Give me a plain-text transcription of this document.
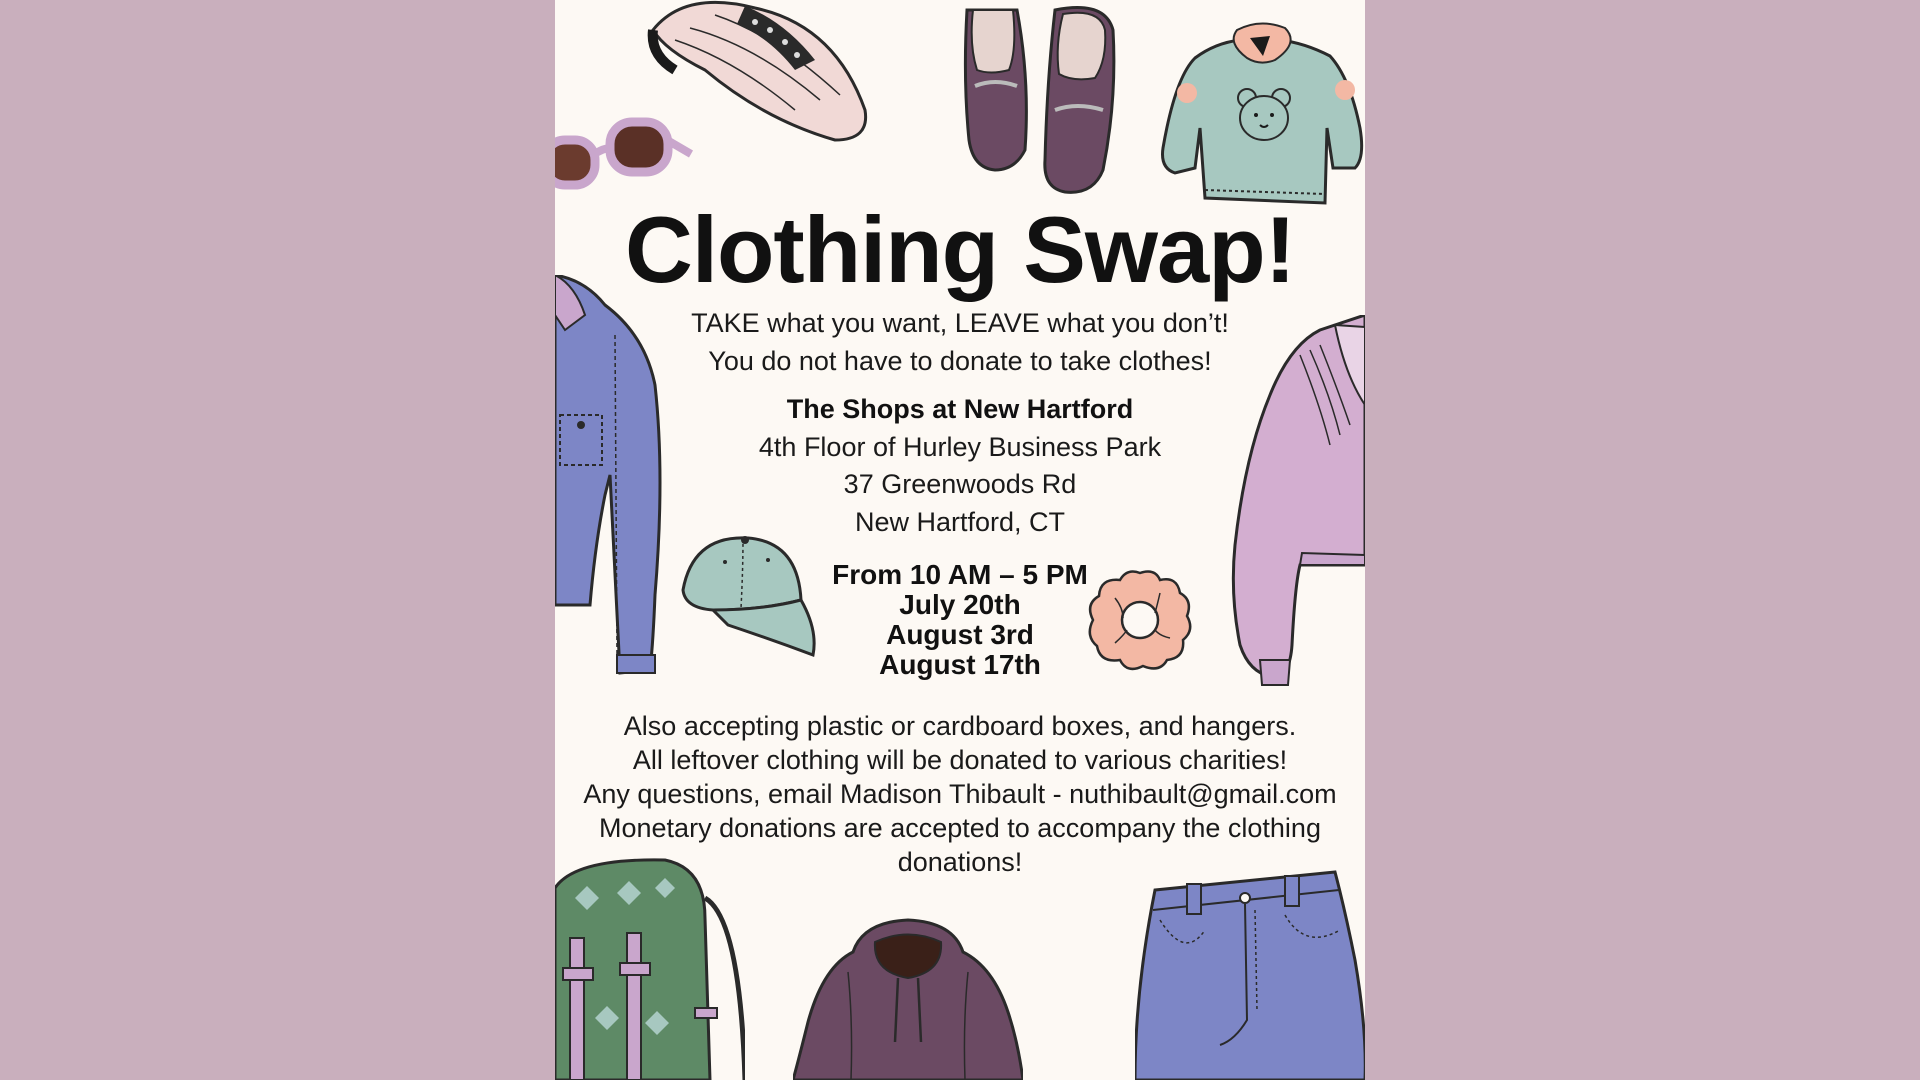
Clothing Swap!
TAKE what you want, LEAVE what you don’t!
You do not have to donate to take clothes!
The Shops at New Hartford
4th Floor of Hurley Business Park
37 Greenwoods Rd
New Hartford, CT
From 10 AM – 5 PM
July 20th
August 3rd
August 17th
Also accepting plastic or cardboard boxes, and hangers.
All leftover clothing will be donated to various charities!
Any questions, email Madison Thibault - nuthibault@gmail.com
Monetary donations are accepted to accompany the clothing donations!
